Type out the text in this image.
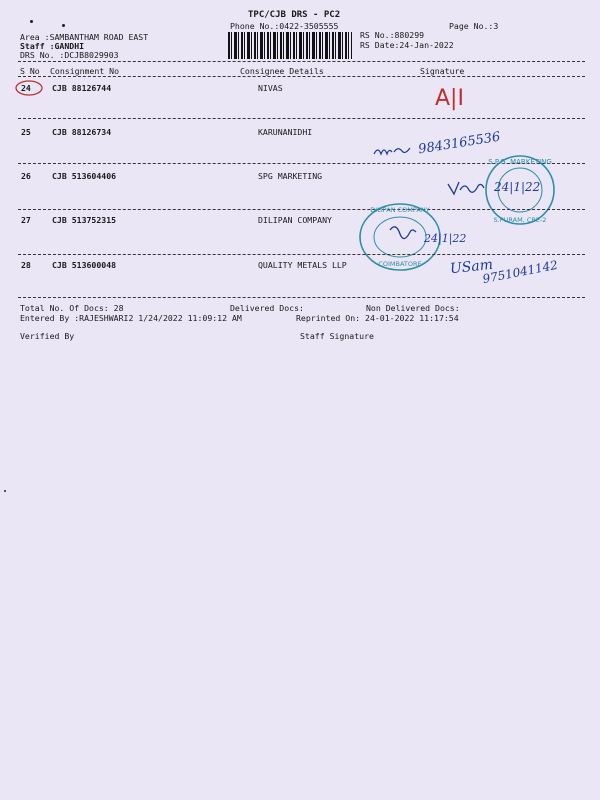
TPC/CJB DRS - PC2
Phone No.:0422-3505555	Page No.:3
Area :SAMBANTHAM ROAD EAST
Staff :GANDHI
DRS No. :DCJB8029903
RS No.:880299
RS Date:24-Jan-2022
S No Consignment No	Consignee Details	Signature
24	CJB 88126744	NIVAS	A|I
25	CJB 88126734	KARUNANIDHI	9843165536
26	CJB 513604406	SPG MARKETING
S.P.G. MARKETING
S.PURAM, CBE-2
24|1|22
27	CJB 513752315	DILIPAN COMPANY
DILIPAN COMPANY
COIMBATORE
24|1|22
28	CJB 513600048	QUALITY METALS LLP	USam
9751041142
Total No. Of Docs: 28	Delivered Docs:	Non Delivered Docs:
Entered By :RAJESHWARI2 1/24/2022 11:09:12 AM	Reprinted On: 24-01-2022 11:17:54
Verified By	Staff Signature
